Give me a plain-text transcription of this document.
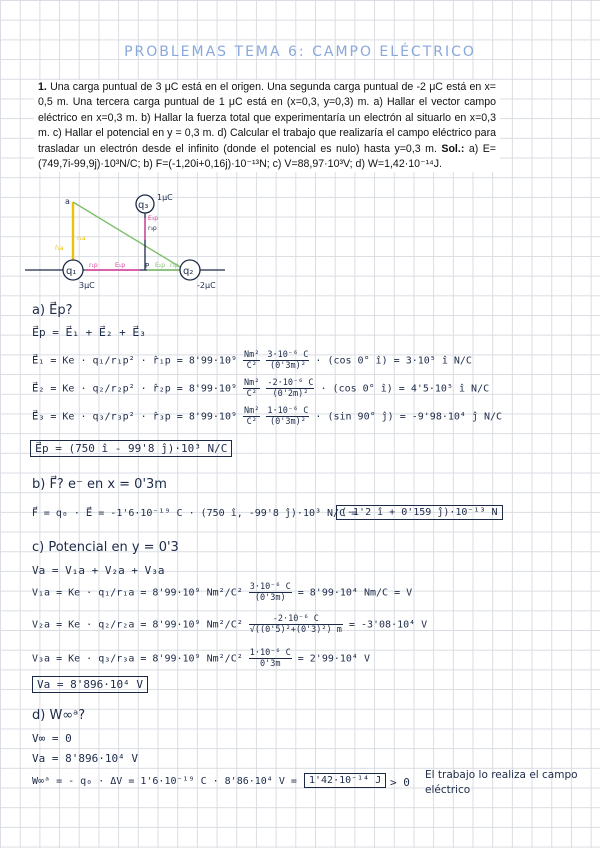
PROBLEMAS TEMA 6: CAMPO ELÉCTRICO
1. Una carga puntual de 3 μC está en el origen. Una segunda carga puntual de -2 μC está en x= 0,5 m. Una tercera carga puntual de 1 μC está en (x=0,3, y=0,3) m. a) Hallar el vector campo eléctrico en x=0,3 m. b) Hallar la fuerza total que experimentaría un electrón al situarlo en x=0,3 m. c) Hallar el potencial en y = 0,3 m. d) Calcular el trabajo que realizaría el campo eléctrico para trasladar un electrón desde el infinito (donde el potencial es nulo) hasta y=0,3 m. Sol.: a) E=(749,7i-99,9j)·10³N/C; b) F=(-1,20i+0,16j)·10⁻¹³N; c) V=88,97·10³V; d) W=1,42·10⁻¹⁴J.
q₁	q₂
q₃
a
P
3μC	-2μC
1μC
r₁a
r₃p
E₃p
r₁p	E₁p	E₂p r₂p
r̂₁a
a) E⃗p?
E⃗p = E⃗₁ + E⃗₂ + E⃗₃
E⃗₁ = Ke · q₁/r₁p² · r̂₁p = $8'99\cdot 10^9 \frac{\text{Nm²}}{\text{C²}}$
$\frac{\text{3·10⁻⁶ C}}{\text{(0'3m)²}} \cdot (\cos$ 0° î) = 3·10⁵ î N/C
E⃗₂ = Ke · q₂/r₂p² · r̂₂p = $8'99\cdot 10^9 \frac{\text{Nm²}}{\text{C²}}$
$\frac{\text{-2·10⁻⁶ C}}{\text{(0'2m)²}} \cdot (\cos$ 0° î) = 4'5·10⁵ î N/C
E⃗₃ = Ke · q₃/r₃p² · r̂₃p = $8'99\cdot 10^9 \frac{\text{Nm²}}{\text{C²}}$
$\frac{\text{1·10⁻⁶ C}}{\text{(0'3m)²}} \cdot (\sin$ 90° ĵ) = -9'98·10⁴ ĵ N/C
E⃗p = (750 î - 99'8 ĵ)·10³ N/C
b) F⃗? e⁻ en x = 0'3m
F⃗ = q₀ · E⃗ = -1'6·10⁻¹⁹ C · (750 î, -99'8 ĵ)·10³ N/C =
(-1'2 î + 0'159 ĵ)·10⁻¹³ N
c) Potencial en y = 0'3
Va = V₁a + V₂a + V₃a
V₁a = Ke · q₁/r₁a = 8'99·10⁹ $Nm^2/C^2 \frac{\text{3·10⁻⁶ C}}{(0'3m)} = 8'99\cdot 10^4$ Nm/C = V
V₂a = Ke · q₂/r₂a = 8'99·10⁹ $Nm^2/C^2 \frac{\text{-2·10⁻⁶ C}}{\text{√((0'5)²+(0'3)²) m}} = -3'08\cdot 10^4$ V
V₃a = Ke · q₃/r₃a = 8'99·10⁹ $Nm^2/C^2 \frac{\text{1·10⁻⁶ C}}{0'3m} = 2'99\cdot 10^4$ V
Va = 8'896·10⁴ V
d) W∞ᵃ?
V∞ = 0
Va = 8'896·10⁴ V
W∞ᵃ = - q₀ · ΔV = 1'6·10⁻¹⁹ C · 8'86·10⁴ V =	1'42·10⁻¹⁴ J > 0
El trabajo lo realiza el campo eléctrico
